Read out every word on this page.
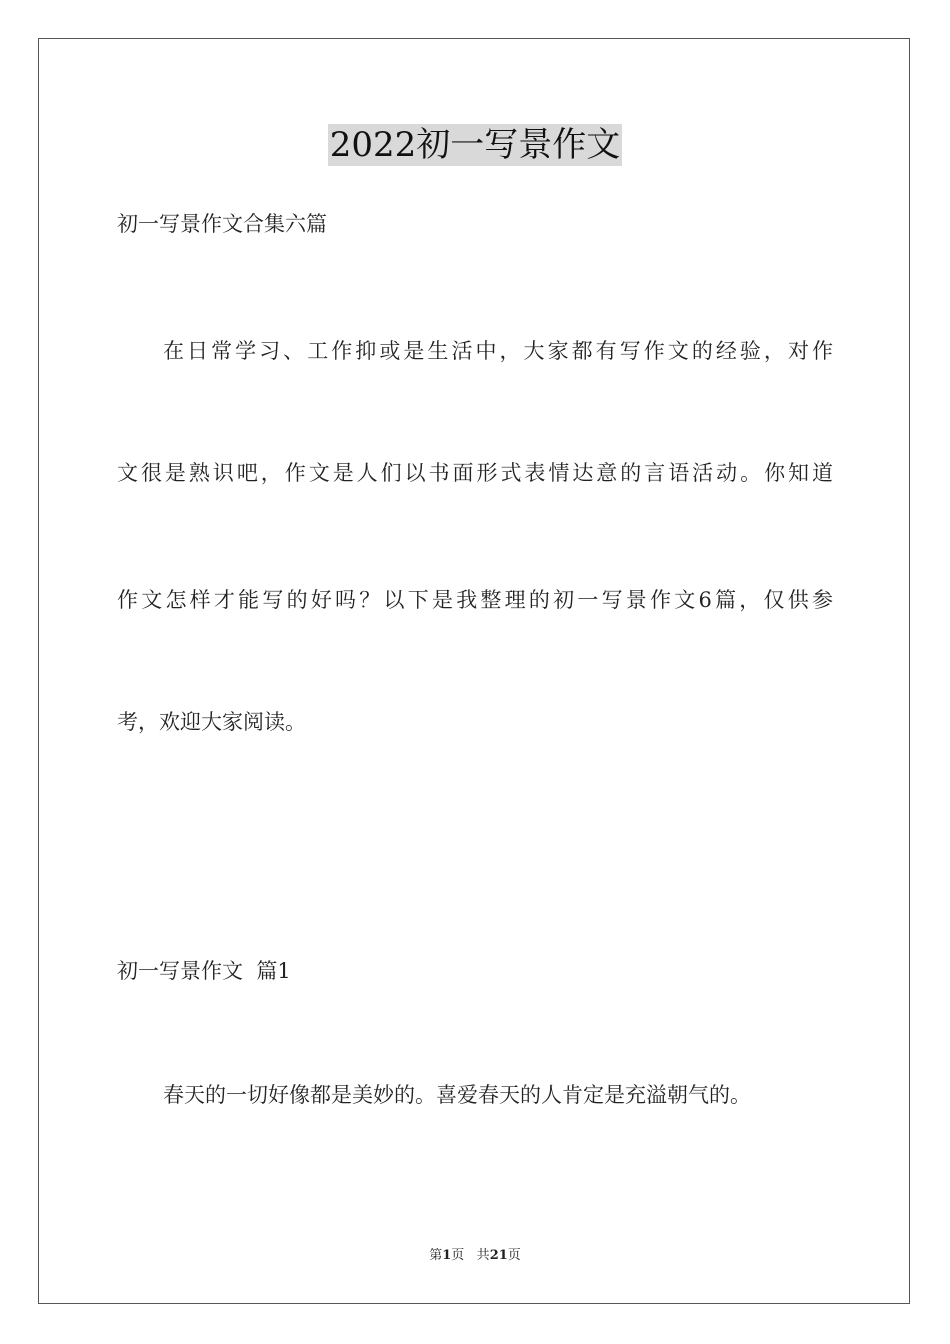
2022初一写景作文
初一写景作文合集六篇
在日常学习、工作抑或是生活中，大家都有写作文的经验，对作
文很是熟识吧，作文是人们以书面形式表情达意的言语活动。你知道
作文怎样才能写的好吗？以下是我整理的初一写景作文6篇，仅供参
考，欢迎大家阅读。
初一写景作文  篇1
春天的一切好像都是美妙的。喜爱春天的人肯定是充溢朝气的。
第1页 共21页
